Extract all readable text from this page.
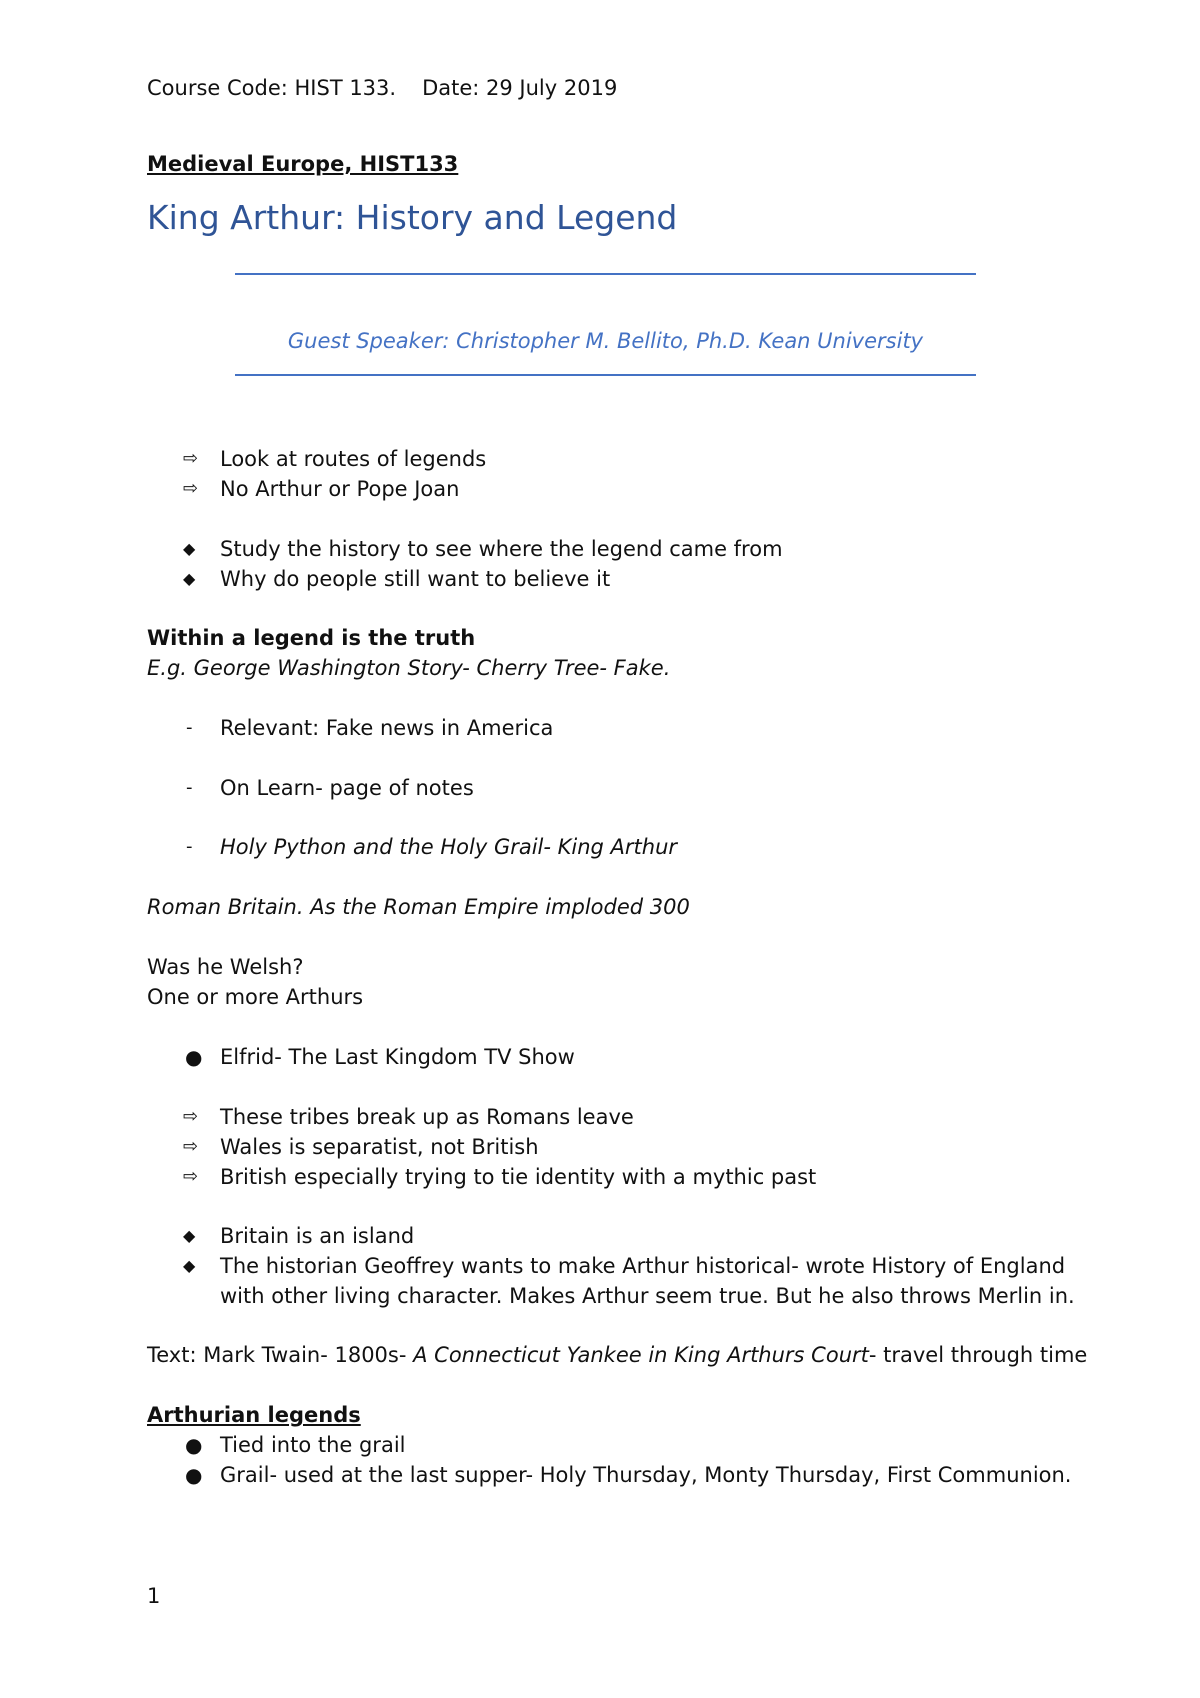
Course Code: HIST 133. Date: 29 July 2019
Medieval Europe, HIST133
King Arthur: History and Legend
Guest Speaker: Christopher M. Bellito, Ph.D. Kean University
⇨	Look at routes of legends
⇨	No Arthur or Pope Joan
◆	Study the history to see where the legend came from
◆	Why do people still want to believe it
Within a legend is the truth
E.g. George Washington Story- Cherry Tree- Fake.
-	Relevant: Fake news in America
-	On Learn- page of notes
-	Holy Python and the Holy Grail- King Arthur
Roman Britain. As the Roman Empire imploded 300
Was he Welsh?
One or more Arthurs
● Elfrid- The Last Kingdom TV Show
⇨	These tribes break up as Romans leave
⇨	Wales is separatist, not British
⇨	British especially trying to tie identity with a mythic past
◆	Britain is an island
◆	The historian Geoffrey wants to make Arthur historical- wrote History of England
with other living character. Makes Arthur seem true. But he also throws Merlin in.
Text: Mark Twain- 1800s- A Connecticut Yankee in King Arthurs Court- travel through time
Arthurian legends
● Tied into the grail
● Grail- used at the last supper- Holy Thursday, Monty Thursday, First Communion.
1
